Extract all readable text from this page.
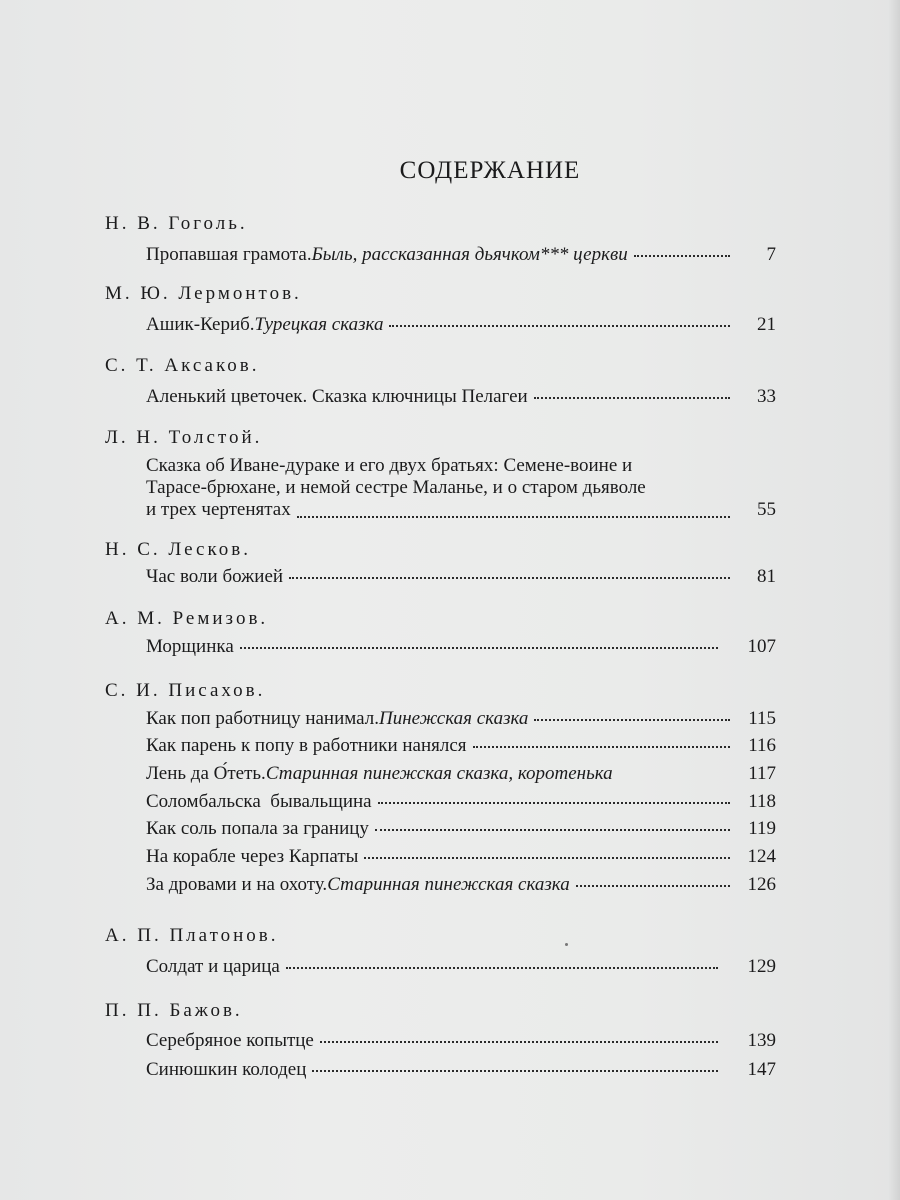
СОДЕРЖАНИЕ
Н. В. Гоголь.
Пропавшая грамота. Быль, рассказанная дьячком*** церкви	7
М. Ю. Лермонтов.
Ашик-Кериб. Турецкая сказка	21
С. Т. Аксаков.
Аленький цветочек. Сказка ключницы Пелагеи	33
Л. Н. Толстой.
Сказка об Иване-дураке и его двух братьях: Семене-воине и
Тарасе-брюхане, и немой сестре Маланье, и о старом дьяволе
и трех чертенятах	55
Н. С. Лесков.
Час воли божией	81
А. М. Ремизов.
Морщинка	107
С. И. Писахов.
Как поп работницу нанимал. Пинежская сказка	115
Как парень к попу в работники нанялся	116
Лень да О́теть. Старинная пинежская сказка, коротенька	117
Соломбальска  бывальщина	118
Как соль попала за границу	119
На корабле через Карпаты	124
За дровами и на охоту. Старинная пинежская сказка	126
А. П. Платонов.
Солдат и царица	129
П. П. Бажов.
Серебряное копытце	139
Синюшкин колодец	147
